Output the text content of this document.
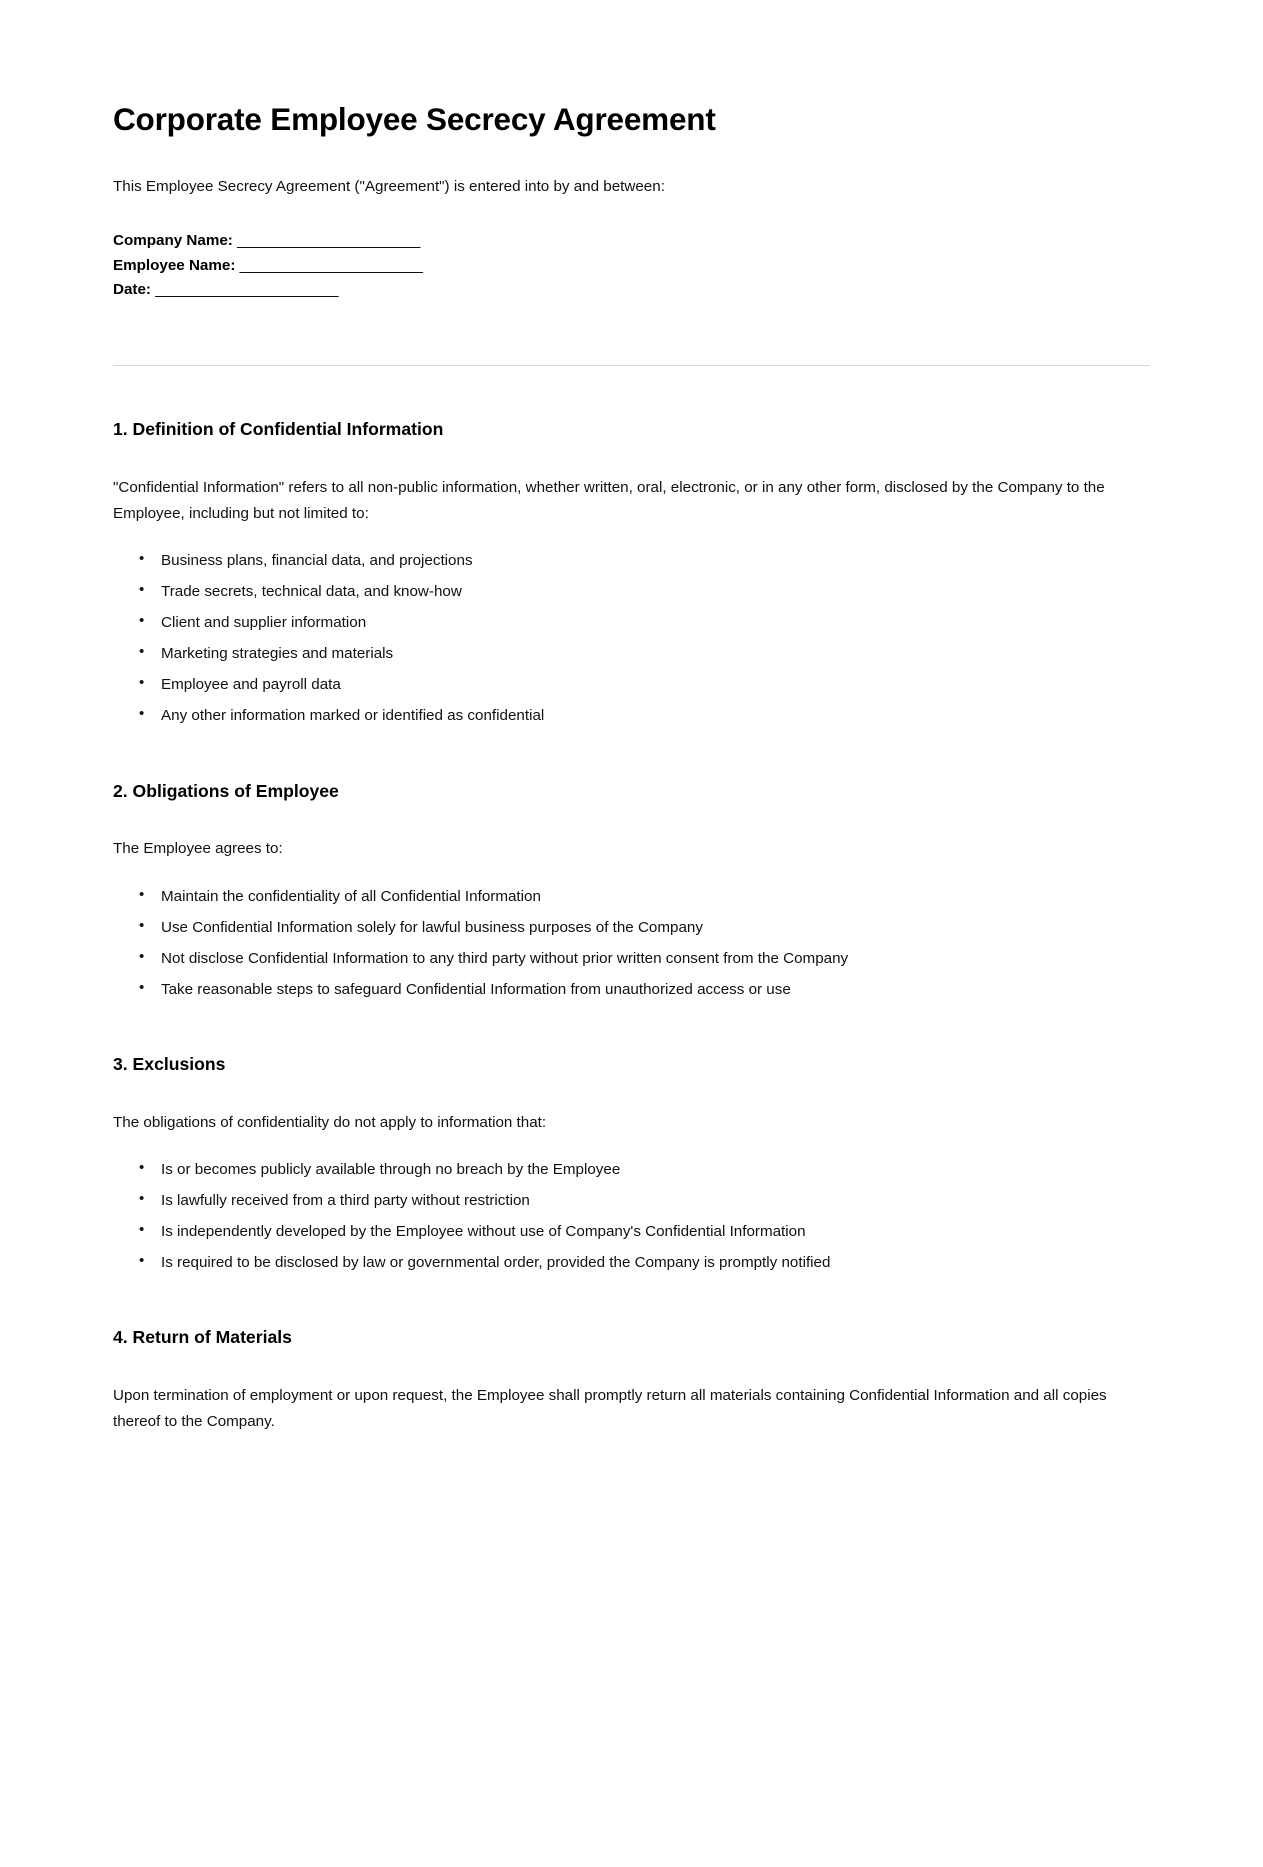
Corporate Employee Secrecy Agreement

This Employee Secrecy Agreement ("Agreement") is entered into by and between:

Company Name: _______________________

Employee Name: _______________________

Date: _______________________

1. Definition of Confidential Information

"Confidential Information" refers to all non-public information, whether written, oral, electronic, or in any other form, disclosed by the Company to the Employee, including but not limited to:

• Business plans, financial data, and projections
• Trade secrets, technical data, and know-how
• Client and supplier information
• Marketing strategies and materials
• Employee and payroll data
• Any other information marked or identified as confidential
2. Obligations of Employee

The Employee agrees to:

• Maintain the confidentiality of all Confidential Information
• Use Confidential Information solely for lawful business purposes of the Company
• Not disclose Confidential Information to any third party without prior written consent from the Company
• Take reasonable steps to safeguard Confidential Information from unauthorized access or use
3. Exclusions

The obligations of confidentiality do not apply to information that:

• Is or becomes publicly available through no breach by the Employee
• Is lawfully received from a third party without restriction
• Is independently developed by the Employee without use of Company's Confidential Information
• Is required to be disclosed by law or governmental order, provided the Company is promptly notified
4. Return of Materials

Upon termination of employment or upon request, the Employee shall promptly return all materials containing Confidential Information and all copies thereof to the Company.
